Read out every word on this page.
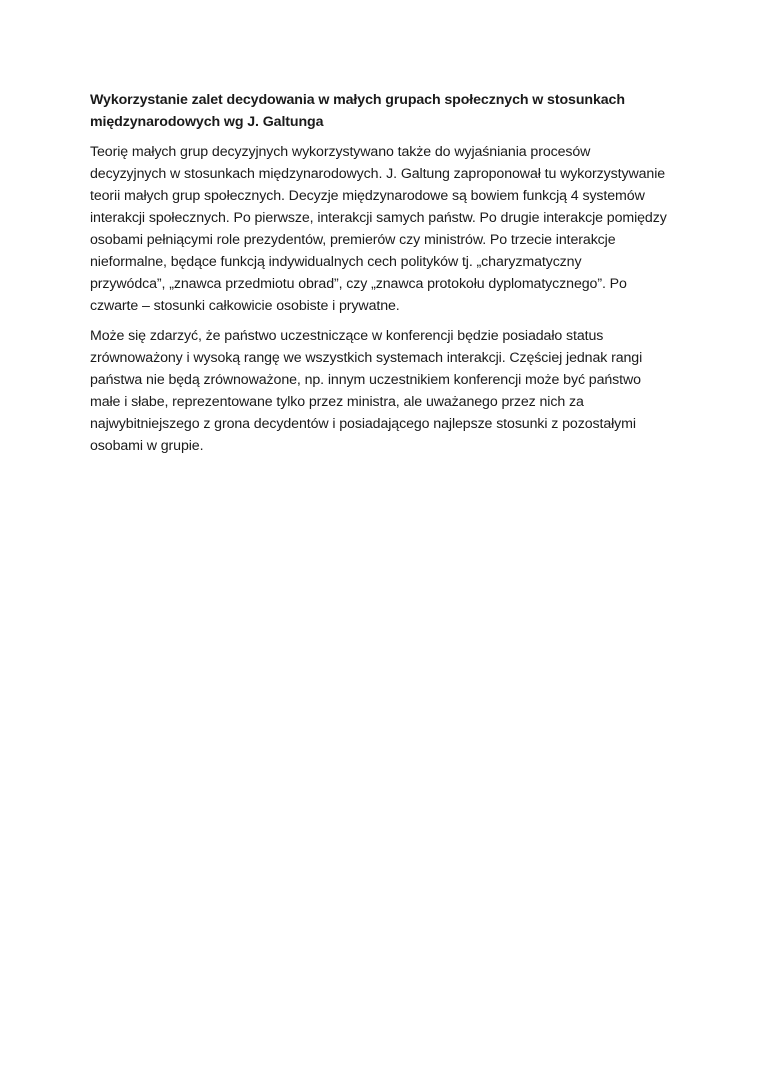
Wykorzystanie zalet decydowania w małych grupach społecznych w stosunkach
międzynarodowych wg J. Galtunga
Teorię małych grup decyzyjnych wykorzystywano także do wyjaśniania procesów
decyzyjnych w stosunkach międzynarodowych. J. Galtung zaproponował tu wykorzystywanie
teorii małych grup społecznych. Decyzje międzynarodowe są bowiem funkcją 4 systemów
interakcji społecznych. Po pierwsze, interakcji samych państw. Po drugie interakcje pomiędzy
osobami pełniącymi role prezydentów, premierów czy ministrów. Po trzecie interakcje
nieformalne, będące funkcją indywidualnych cech polityków tj. „charyzmatyczny
przywódca”, „znawca przedmiotu obrad”, czy „znawca protokołu dyplomatycznego”. Po
czwarte – stosunki całkowicie osobiste i prywatne.
Może się zdarzyć, że państwo uczestniczące w konferencji będzie posiadało status
zrównoważony i wysoką rangę we wszystkich systemach interakcji. Częściej jednak rangi
państwa nie będą zrównoważone, np. innym uczestnikiem konferencji może być państwo
małe i słabe, reprezentowane tylko przez ministra, ale uważanego przez nich za
najwybitniejszego z grona decydentów i posiadającego najlepsze stosunki z pozostałymi
osobami w grupie.
